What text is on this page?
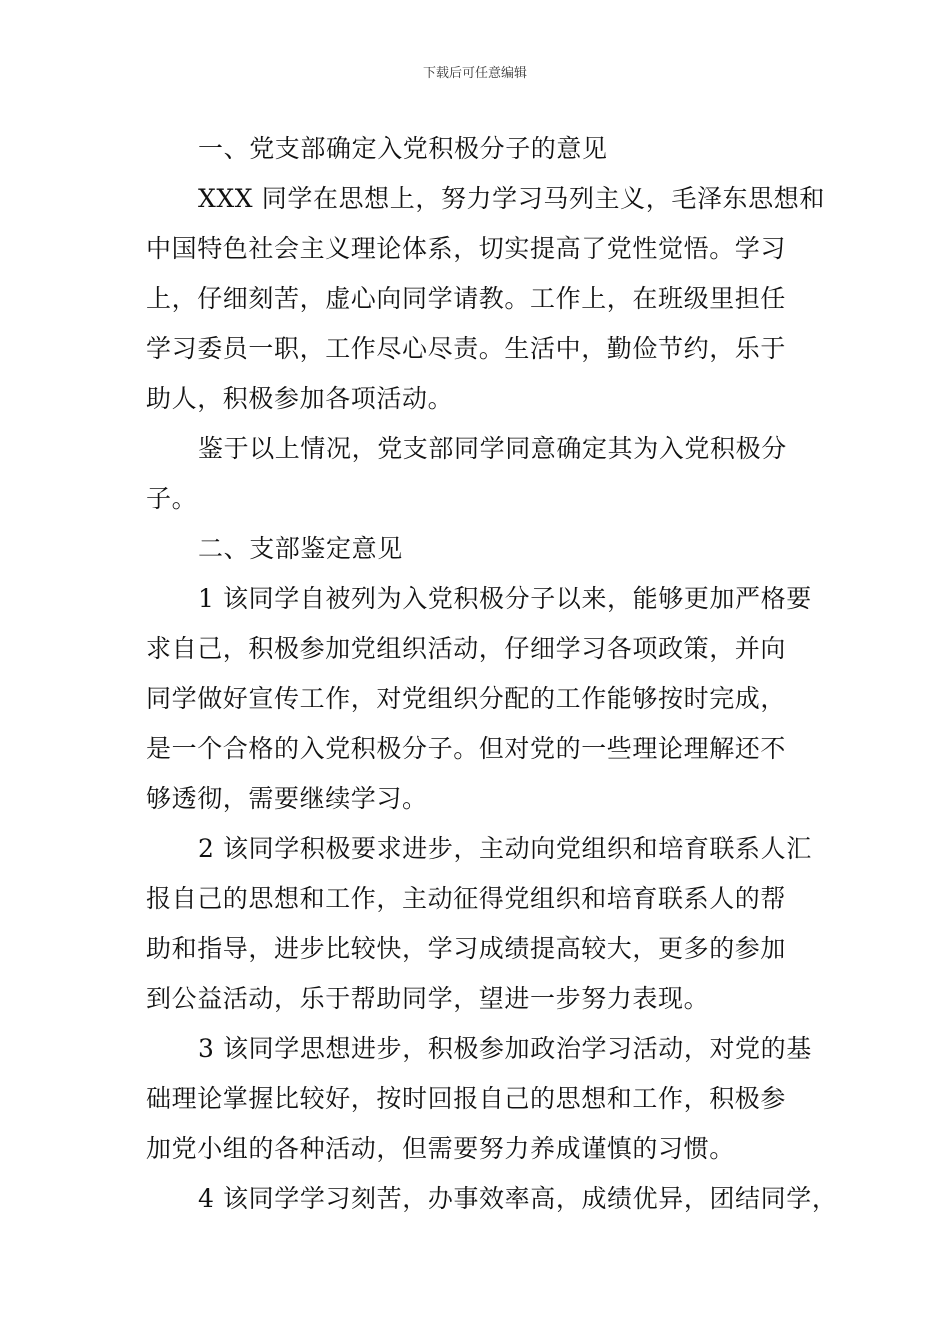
下载后可任意编辑
一、党支部确定入党积极分子的意见
XXX 同学在思想上，努力学习马列主义，毛泽东思想和
中国特色社会主义理论体系，切实提高了党性觉悟。学习
上，仔细刻苦，虚心向同学请教。工作上，在班级里担任
学习委员一职，工作尽心尽责。生活中，勤俭节约，乐于
助人，积极参加各项活动。
鉴于以上情况，党支部同学同意确定其为入党积极分
子。
二、支部鉴定意见
1 该同学自被列为入党积极分子以来，能够更加严格要
求自己，积极参加党组织活动，仔细学习各项政策，并向
同学做好宣传工作，对党组织分配的工作能够按时完成，
是一个合格的入党积极分子。但对党的一些理论理解还不
够透彻，需要继续学习。
2 该同学积极要求进步，主动向党组织和培育联系人汇
报自己的思想和工作，主动征得党组织和培育联系人的帮
助和指导，进步比较快，学习成绩提高较大，更多的参加
到公益活动，乐于帮助同学，望进一步努力表现。
3 该同学思想进步，积极参加政治学习活动，对党的基
础理论掌握比较好，按时回报自己的思想和工作，积极参
加党小组的各种活动，但需要努力养成谨慎的习惯。
4 该同学学习刻苦，办事效率高，成绩优异，团结同学，
